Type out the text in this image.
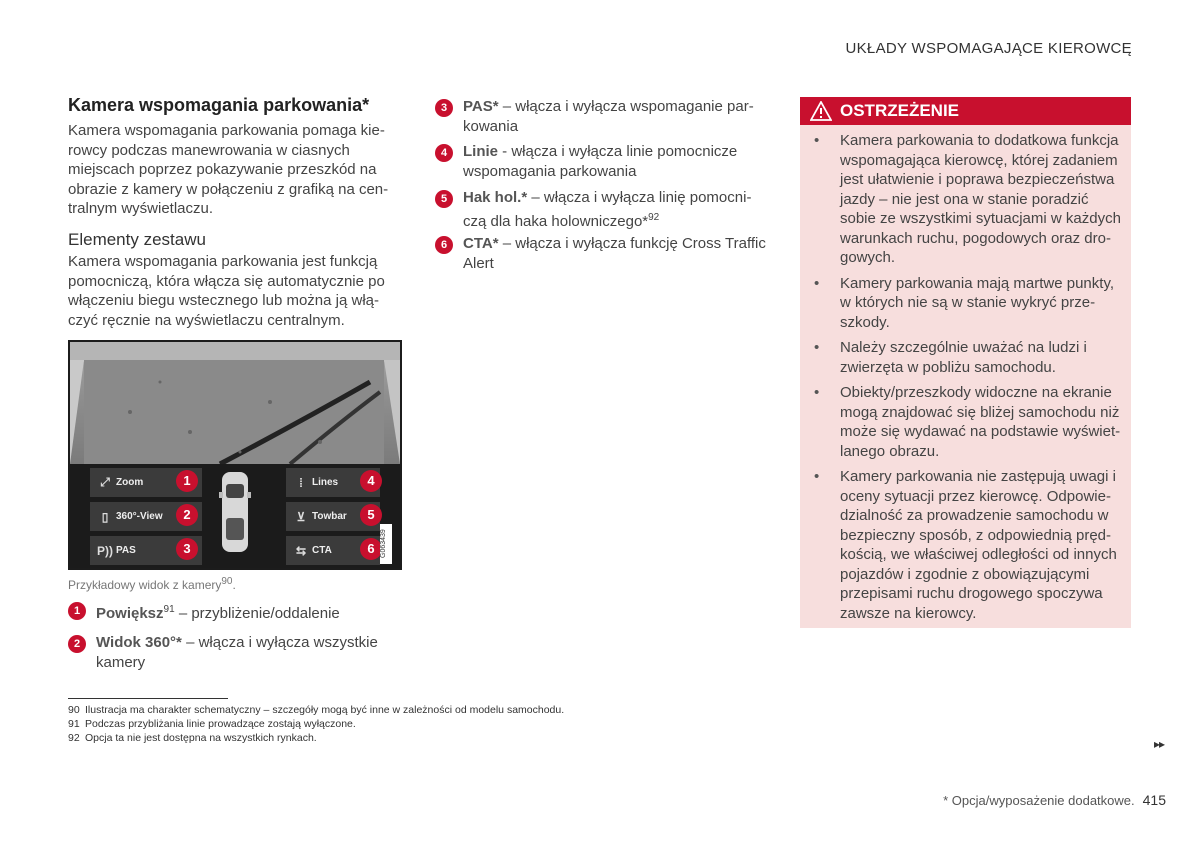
UKŁADY WSPOMAGAJĄCE KIEROWCĘ
Kamera wspomagania parkowania*
Kamera wspomagania parkowania pomaga kie-
rowcy podczas manewrowania w ciasnych
miejscach poprzez pokazywanie przeszkód na
obrazie z kamery w połączeniu z grafiką na cen-
tralnym wyświetlaczu.
Elementy zestawu
Kamera wspomagania parkowania jest funkcją
pomocniczą, która włącza się automatycznie po
włączeniu biegu wstecznego lub można ją włą-
czyć ręcznie na wyświetlaczu centralnym.
⤢ Zoom
▯ 360°-View
P)) PAS
⁞ Lines
⊻ Towbar
⇆ CTA
1
2
3
4
5
6 G063439
Przykładowy widok z kamery$^{90}$.
1	Powiększ$^{91}$ – przybliżenie/oddalenie
2	Widok 360°* – włącza i wyłącza wszystkie
kamery
3	PAS* – włącza i wyłącza wspomaganie par-
kowania
4	Linie - włącza i wyłącza linie pomocnicze
wspomagania parkowania
5	Hak hol.* – włącza i wyłącza linię pomocni-
czą dla haka holowniczego*$^{92}$
6	CTA* – włącza i wyłącza funkcję Cross Traffic
Alert
OSTRZEŻENIE
• Kamera parkowania to dodatkowa funkcja wspomagająca kierowcę, której zadaniem jest ułatwienie i poprawa bezpieczeństwa jazdy – nie jest ona w stanie poradzić sobie ze wszystkimi sytuacjami w każdych warunkach ruchu, pogodowych oraz dro-gowych.
• Kamery parkowania mają martwe punkty, w których nie są w stanie wykryć prze-szkody.
• Należy szczególnie uważać na ludzi i zwierzęta w pobliżu samochodu.
• Obiekty/przeszkody widoczne na ekranie mogą znajdować się bliżej samochodu niż może się wydawać na podstawie wyświet-lanego obrazu.
• Kamery parkowania nie zastępują uwagi i oceny sytuacji przez kierowcę. Odpowie-dzialność za prowadzenie samochodu w bezpieczny sposób, z odpowiednią pręd-kością, we właściwej odległości od innych pojazdów i zgodnie z obowiązującymi przepisami ruchu drogowego spoczywa zawsze na kierowcy.
90 Ilustracja ma charakter schematyczny – szczegóły mogą być inne w zależności od modelu samochodu.
91 Podczas przybliżania linie prowadzące zostają wyłączone.
92 Opcja ta nie jest dostępna na wszystkich rynkach.	▸▸
* Opcja/wyposażenie dodatkowe. 415
